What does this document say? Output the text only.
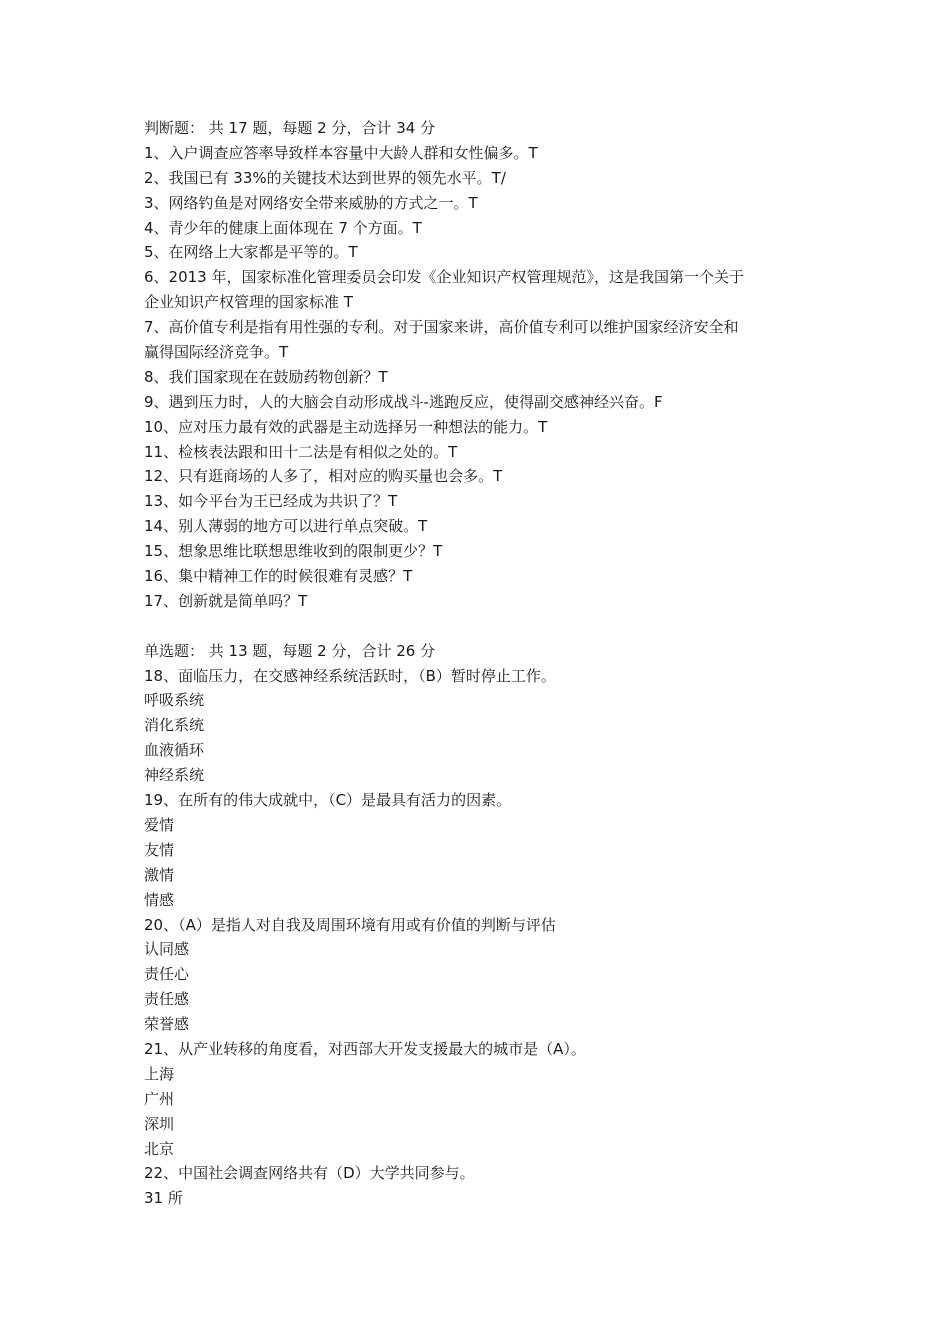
判断题： 共 17 题，每题 2 分，合计 34 分
1、入户调查应答率导致样本容量中大龄人群和女性偏多。T
2、我国已有 33%的关键技术达到世界的领先水平。T/
3、网络钓鱼是对网络安全带来威胁的方式之一。T
4、青少年的健康上面体现在 7 个方面。T
5、在网络上大家都是平等的。T
6、2013 年，国家标准化管理委员会印发《企业知识产权管理规范》，这是我国第一个关于
企业知识产权管理的国家标准 T
7、高价值专利是指有用性强的专利。对于国家来讲，高价值专利可以维护国家经济安全和
赢得国际经济竞争。T
8、我们国家现在在鼓励药物创新？T
9、遇到压力时，人的大脑会自动形成战斗-逃跑反应，使得副交感神经兴奋。F
10、应对压力最有效的武器是主动选择另一种想法的能力。T
11、检核表法跟和田十二法是有相似之处的。T
12、只有逛商场的人多了，相对应的购买量也会多。T
13、如今平台为王已经成为共识了？T
14、别人薄弱的地方可以进行单点突破。T
15、想象思维比联想思维收到的限制更少？T
16、集中精神工作的时候很难有灵感？T
17、创新就是简单吗？T
单选题： 共 13 题，每题 2 分，合计 26 分
18、面临压力，在交感神经系统活跃时，（B）暂时停止工作。
呼吸系统
消化系统
血液循环
神经系统
19、在所有的伟大成就中，（C）是最具有活力的因素。
爱情
友情
激情
情感
20、（A）是指人对自我及周围环境有用或有价值的判断与评估
认同感
责任心
责任感
荣誉感
21、从产业转移的角度看，对西部大开发支援最大的城市是（A）。
上海
广州
深圳
北京
22、中国社会调查网络共有（D）大学共同参与。
31 所
